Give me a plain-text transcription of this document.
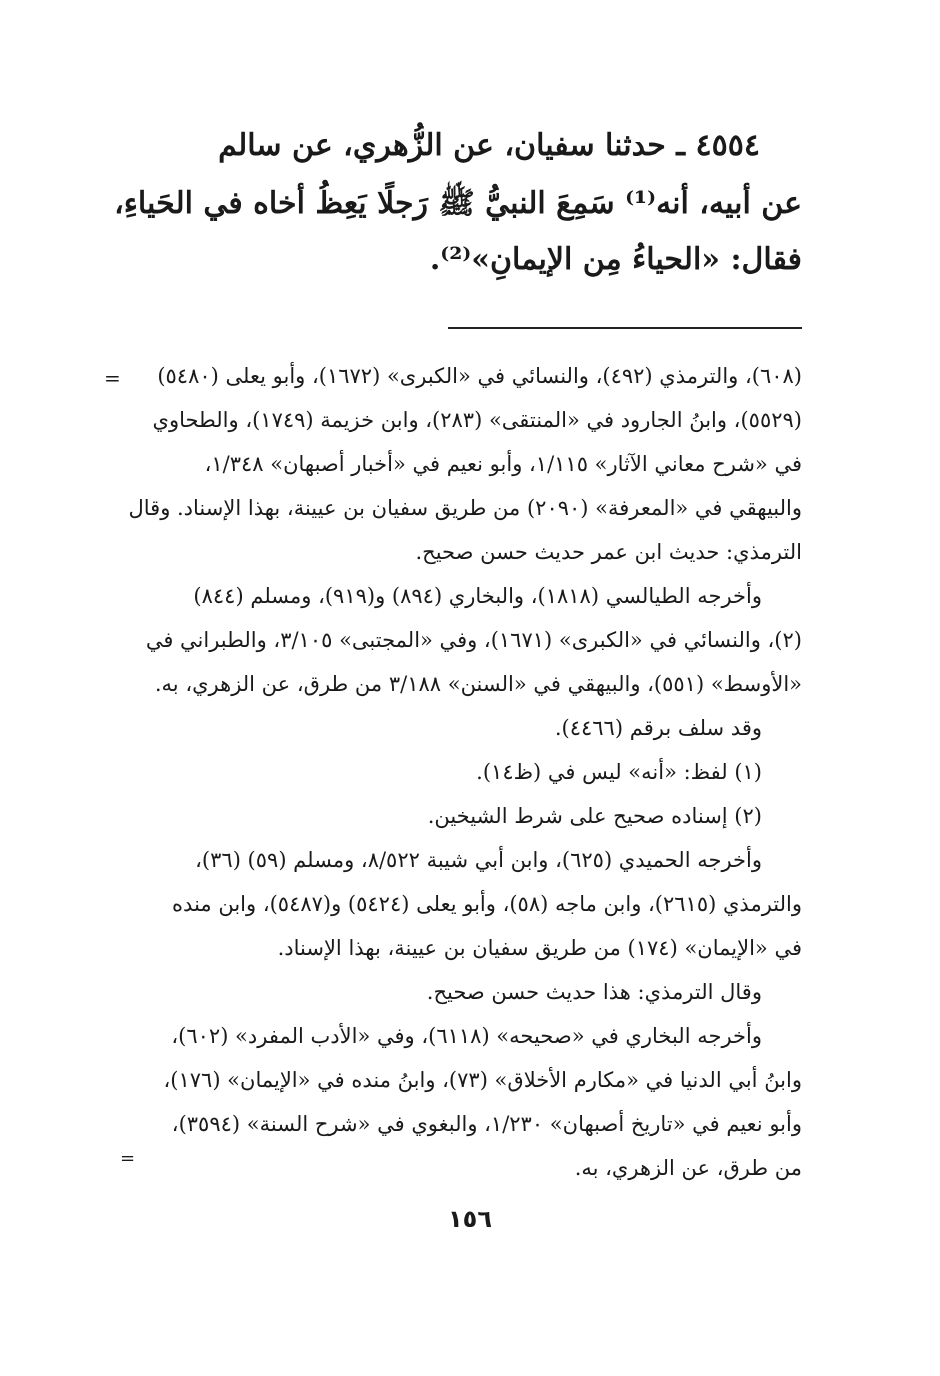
٤٥٥٤ ـ حدثنا سفيان، عن الزُّهري، عن سالم
عن أبيه، أنه⁽¹⁾ سَمِعَ النبيُّ ﷺ رَجلًا يَعِظُ أخاه في الحَياءِ،
فقال: «الحياءُ مِن الإيمانِ»⁽²⁾.
=	(٦٠٨)، والترمذي (٤٩٢)، والنسائي في «الكبرى» (١٦٧٢)، وأبو يعلى (٥٤٨٠)
(٥٥٢٩)، وابنُ الجارود في «المنتقى» (٢٨٣)، وابن خزيمة (١٧٤٩)، والطحاوي
في «شرح معاني الآثار» ١/١١٥، وأبو نعيم في «أخبار أصبهان» ١/٣٤٨،
والبيهقي في «المعرفة» (٢٠٩٠) من طريق سفيان بن عيينة، بهذا الإسناد. وقال
الترمذي: حديث ابن عمر حديث حسن صحيح.
وأخرجه الطيالسي (١٨١٨)، والبخاري (٨٩٤) و(٩١٩)، ومسلم (٨٤٤)
(٢)، والنسائي في «الكبرى» (١٦٧١)، وفي «المجتبى» ٣/١٠٥، والطبراني في
«الأوسط» (٥٥١)، والبيهقي في «السنن» ٣/١٨٨ من طرق، عن الزهري، به.
وقد سلف برقم (٤٤٦٦).
(١) لفظ: «أنه» ليس في (ظ١٤).
(٢) إسناده صحيح على شرط الشيخين.
وأخرجه الحميدي (٦٢٥)، وابن أبي شيبة ٨/٥٢٢، ومسلم (٥٩) (٣٦)،
والترمذي (٢٦١٥)، وابن ماجه (٥٨)، وأبو يعلى (٥٤٢٤) و(٥٤٨٧)، وابن منده
في «الإيمان» (١٧٤) من طريق سفيان بن عيينة، بهذا الإسناد.
وقال الترمذي: هذا حديث حسن صحيح.
وأخرجه البخاري في «صحيحه» (٦١١٨)، وفي «الأدب المفرد» (٦٠٢)،
وابنُ أبي الدنيا في «مكارم الأخلاق» (٧٣)، وابنُ منده في «الإيمان» (١٧٦)،
وأبو نعيم في «تاريخ أصبهان» ١/٢٣٠، والبغوي في «شرح السنة» (٣٥٩٤)،
من طرق، عن الزهري، به.
=
١٥٦
